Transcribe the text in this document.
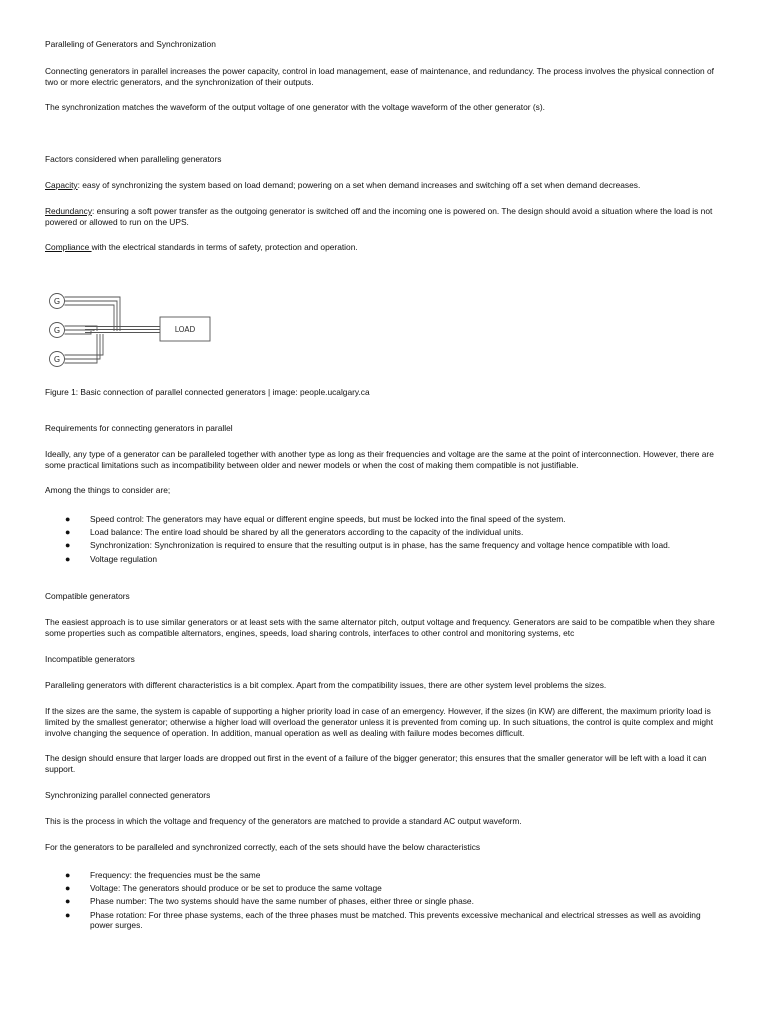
Paralleling of Generators and Synchronization

Connecting generators in parallel increases the power capacity, control in load management, ease of maintenance, and redundancy. The process involves the physical connection of two or more electric generators, and the synchronization of their outputs.

The synchronization matches the waveform of the output voltage of one generator with the voltage waveform of the other generator (s).

Factors considered when paralleling generators

Capacity: easy of synchronizing the system based on load demand; powering on a set when demand increases and switching off a set when demand decreases.

Redundancy: ensuring a soft power transfer as the outgoing generator is switched off and the incoming one is powered on. The design should avoid a situation where the load is not powered or allowed to run on the UPS.

Compliance with the electrical standards in terms of safety, protection and operation.

Figure 1: Basic connection of parallel connected generators | image: people.ucalgary.ca

Requirements for connecting generators in parallel

Ideally, any type of a generator can be paralleled together with another type as long as their frequencies and voltage are the same at the point of interconnection. However, there are some practical limitations such as incompatibility between older and newer models or when the cost of making them compatible is not justifiable.

Among the things to consider are;

● Speed control: The generators may have equal or different engine speeds, but must be locked into the final speed of the system.
● Load balance: The entire load should be shared by all the generators according to the capacity of the individual units.
● Synchronization: Synchronization is required to ensure that the resulting output is in phase, has the same frequency and voltage hence compatible with load.
● Voltage regulation

Compatible generators

The easiest approach is to use similar generators or at least sets with the same alternator pitch, output voltage and frequency. Generators are said to be compatible when they share some properties such as compatible alternators, engines, speeds, load sharing controls, interfaces to other control and monitoring systems, etc

Incompatible generators

Paralleling generators with different characteristics is a bit complex. Apart from the compatibility issues, there are other system level problems the sizes.

If the sizes are the same, the system is capable of supporting a higher priority load in case of an emergency. However, if the sizes (in KW) are different, the maximum priority load is limited by the smallest generator; otherwise a higher load will overload the generator unless it is prevented from coming up. In such situations, the control is quite complex and might involve changing the sequence of operation. In addition, manual operation as well as dealing with failure modes becomes difficult.

The design should ensure that larger loads are dropped out first in the event of a failure of the bigger generator; this ensures that the smaller generator will be left with a load it can support.

Synchronizing parallel connected generators

This is the process in which the voltage and frequency of the generators are matched to provide a standard AC output waveform.

For the generators to be paralleled and synchronized correctly, each of the sets should have the below characteristics

● Frequency: the frequencies must be the same
● Voltage: The generators should produce or be set to produce the same voltage
● Phase number: The two systems should have the same number of phases, either three or single phase.
● Phase rotation: For three phase systems, each of the three phases must be matched. This prevents excessive mechanical and electrical stresses as well as avoiding power surges.
G
G
G
LOAD
